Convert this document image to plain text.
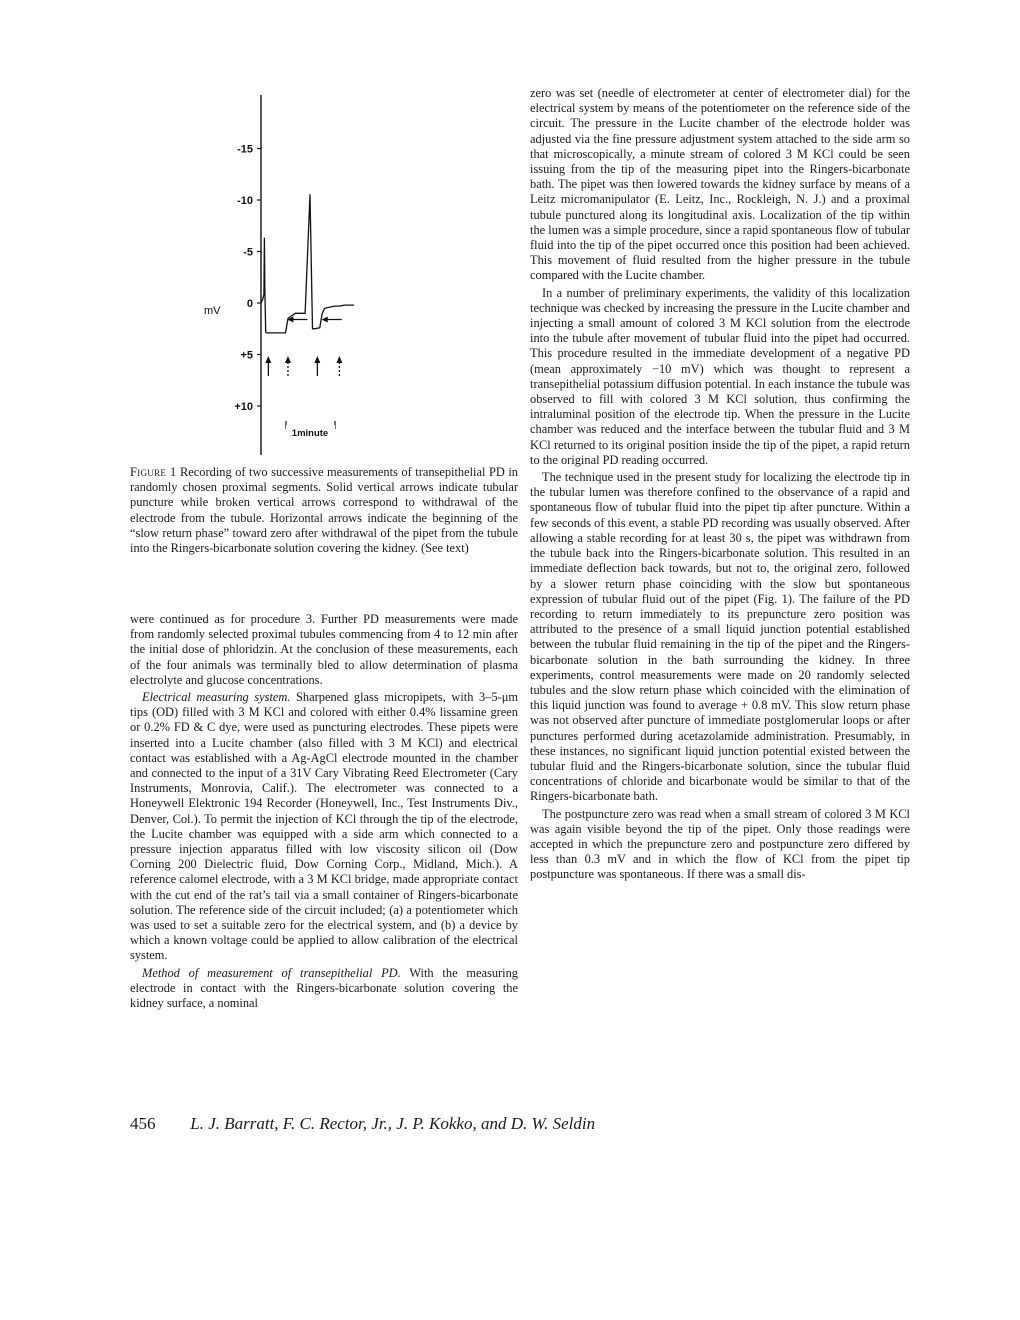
-15
-10
-5
0
+5
+10
mV
1minute
Figure 1 Recording of two successive measurements of transepithelial PD in randomly chosen proximal segments. Solid vertical arrows indicate tubular puncture while broken vertical arrows correspond to withdrawal of the electrode from the tubule. Horizontal arrows indicate the beginning of the “slow return phase” toward zero after withdrawal of the pipet from the tubule into the Ringers-bicarbonate solution covering the kidney. (See text)

were continued as for procedure 3. Further PD measurements were made from randomly selected proximal tubules commencing from 4 to 12 min after the initial dose of phloridzin. At the conclusion of these measurements, each of the four animals was terminally bled to allow determination of plasma electrolyte and glucose concentrations.

Electrical measuring system. Sharpened glass micropipets, with 3–5-μm tips (OD) filled with 3 M KCl and colored with either 0.4% lissamine green or 0.2% FD & C dye, were used as puncturing electrodes. These pipets were inserted into a Lucite chamber (also filled with 3 M KCl) and electrical contact was established with a Ag-AgCl electrode mounted in the chamber and connected to the input of a 31V Cary Vibrating Reed Electrometer (Cary Instruments, Monrovia, Calif.). The electrometer was connected to a Honeywell Elektronic 194 Recorder (Honeywell, Inc., Test Instruments Div., Denver, Col.). To permit the injection of KCl through the tip of the electrode, the Lucite chamber was equipped with a side arm which connected to a pressure injection apparatus filled with low viscosity silicon oil (Dow Corning 200 Dielectric fluid, Dow Corning Corp., Midland, Mich.). A reference calomel electrode, with a 3 M KCl bridge, made appropriate contact with the cut end of the rat’s tail via a small container of Ringers-bicarbonate solution. The reference side of the circuit included; (a) a potentiometer which was used to set a suitable zero for the electrical system, and (b) a device by which a known voltage could be applied to allow calibration of the electrical system.

Method of measurement of transepithelial PD. With the measuring electrode in contact with the Ringers-bicarbonate solution covering the kidney surface, a nominal

zero was set (needle of electrometer at center of electrometer dial) for the electrical system by means of the potentiometer on the reference side of the circuit. The pressure in the Lucite chamber of the electrode holder was adjusted via the fine pressure adjustment system attached to the side arm so that microscopically, a minute stream of colored 3 M KCl could be seen issuing from the tip of the measuring pipet into the Ringers-bicarbonate bath. The pipet was then lowered towards the kidney surface by means of a Leitz micromanipulator (E. Leitz, Inc., Rockleigh, N. J.) and a proximal tubule punctured along its longitudinal axis. Localization of the tip within the lumen was a simple procedure, since a rapid spontaneous flow of tubular fluid into the tip of the pipet occurred once this position had been achieved. This movement of fluid resulted from the higher pressure in the tubule compared with the Lucite chamber.

In a number of preliminary experiments, the validity of this localization technique was checked by increasing the pressure in the Lucite chamber and injecting a small amount of colored 3 M KCl solution from the electrode into the tubule after movement of tubular fluid into the pipet had occurred. This procedure resulted in the immediate development of a negative PD (mean approximately −10 mV) which was thought to represent a transepithelial potassium diffusion potential. In each instance the tubule was observed to fill with colored 3 M KCl solution, thus confirming the intraluminal position of the electrode tip. When the pressure in the Lucite chamber was reduced and the interface between the tubular fluid and 3 M KCl returned to its original position inside the tip of the pipet, a rapid return to the original PD reading occurred.

The technique used in the present study for localizing the electrode tip in the tubular lumen was therefore confined to the observance of a rapid and spontaneous flow of tubular fluid into the pipet tip after puncture. Within a few seconds of this event, a stable PD recording was usually observed. After allowing a stable recording for at least 30 s, the pipet was withdrawn from the tubule back into the Ringers-bicarbonate solution. This resulted in an immediate deflection back towards, but not to, the original zero, followed by a slower return phase coinciding with the slow but spontaneous expression of tubular fluid out of the pipet (Fig. 1). The failure of the PD recording to return immediately to its prepuncture zero position was attributed to the presence of a small liquid junction potential established between the tubular fluid remaining in the tip of the pipet and the Ringers-bicarbonate solution in the bath surrounding the kidney. In three experiments, control measurements were made on 20 randomly selected tubules and the slow return phase which coincided with the elimination of this liquid junction was found to average + 0.8 mV. This slow return phase was not observed after puncture of immediate postglomerular loops or after punctures performed during acetazolamide administration. Presumably, in these instances, no significant liquid junction potential existed between the tubular fluid and the Ringers-bicarbonate solution, since the tubular fluid concentrations of chloride and bicarbonate would be similar to that of the Ringers-bicarbonate bath.

The postpuncture zero was read when a small stream of colored 3 M KCl was again visible beyond the tip of the pipet. Only those readings were accepted in which the prepuncture zero and postpuncture zero differed by less than 0.3 mV and in which the flow of KCl from the pipet tip postpuncture was spontaneous. If there was a small dis-

456 L. J. Barratt, F. C. Rector, Jr., J. P. Kokko, and D. W. Seldin
